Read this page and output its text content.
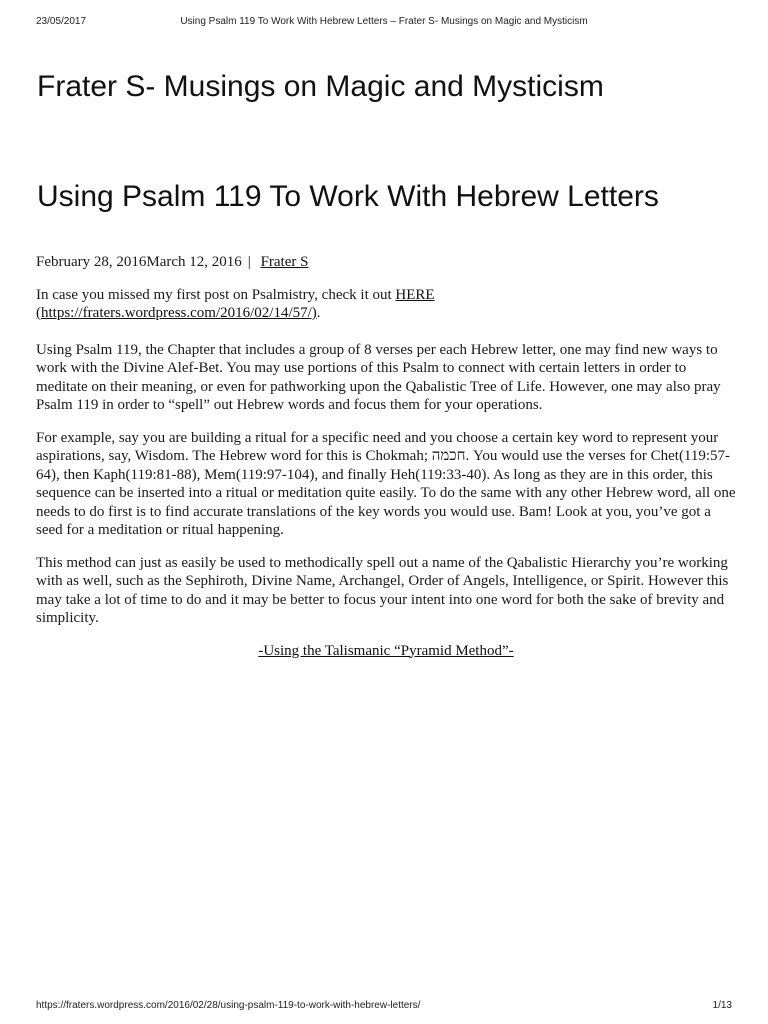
23/05/2017	Using Psalm 119 To Work With Hebrew Letters – Frater S- Musings on Magic and Mysticism
Frater S- Musings on Magic and Mysticism
Using Psalm 119 To Work With Hebrew Letters

February 28, 2016March 12, 2016 | Frater S

In case you missed my first post on Psalmistry, check it out HERE
(https://fraters.wordpress.com/2016/02/14/57/).

Using Psalm 119, the Chapter that includes a group of 8 verses per each Hebrew letter, one may find new ways to work with the Divine Alef-Bet. You may use portions of this Psalm to connect with certain letters in order to meditate on their meaning, or even for pathworking upon the Qabalistic Tree of Life. However, one may also pray Psalm 119 in order to “spell” out Hebrew words and focus them for your operations.

For example, say you are building a ritual for a specific need and you choose a certain key word to represent your aspirations, say, Wisdom. The Hebrew word for this is Chokmah; חכמה. You would use the verses for Chet(119:57-64), then Kaph(119:81-88), Mem(119:97-104), and finally Heh(119:33-40). As long as they are in this order, this sequence can be inserted into a ritual or meditation quite easily. To do the same with any other Hebrew word, all one needs to do first is to find accurate translations of the key words you would use. Bam! Look at you, you’ve got a seed for a meditation or ritual happening.

This method can just as easily be used to methodically spell out a name of the Qabalistic Hierarchy you’re working with as well, such as the Sephiroth, Divine Name, Archangel, Order of Angels, Intelligence, or Spirit. However this may take a lot of time to do and it may be better to focus your intent into one word for both the sake of brevity and simplicity.

-Using the Talismanic “Pyramid Method”-

https://fraters.wordpress.com/2016/02/28/using-psalm-119-to-work-with-hebrew-letters/	1/13
